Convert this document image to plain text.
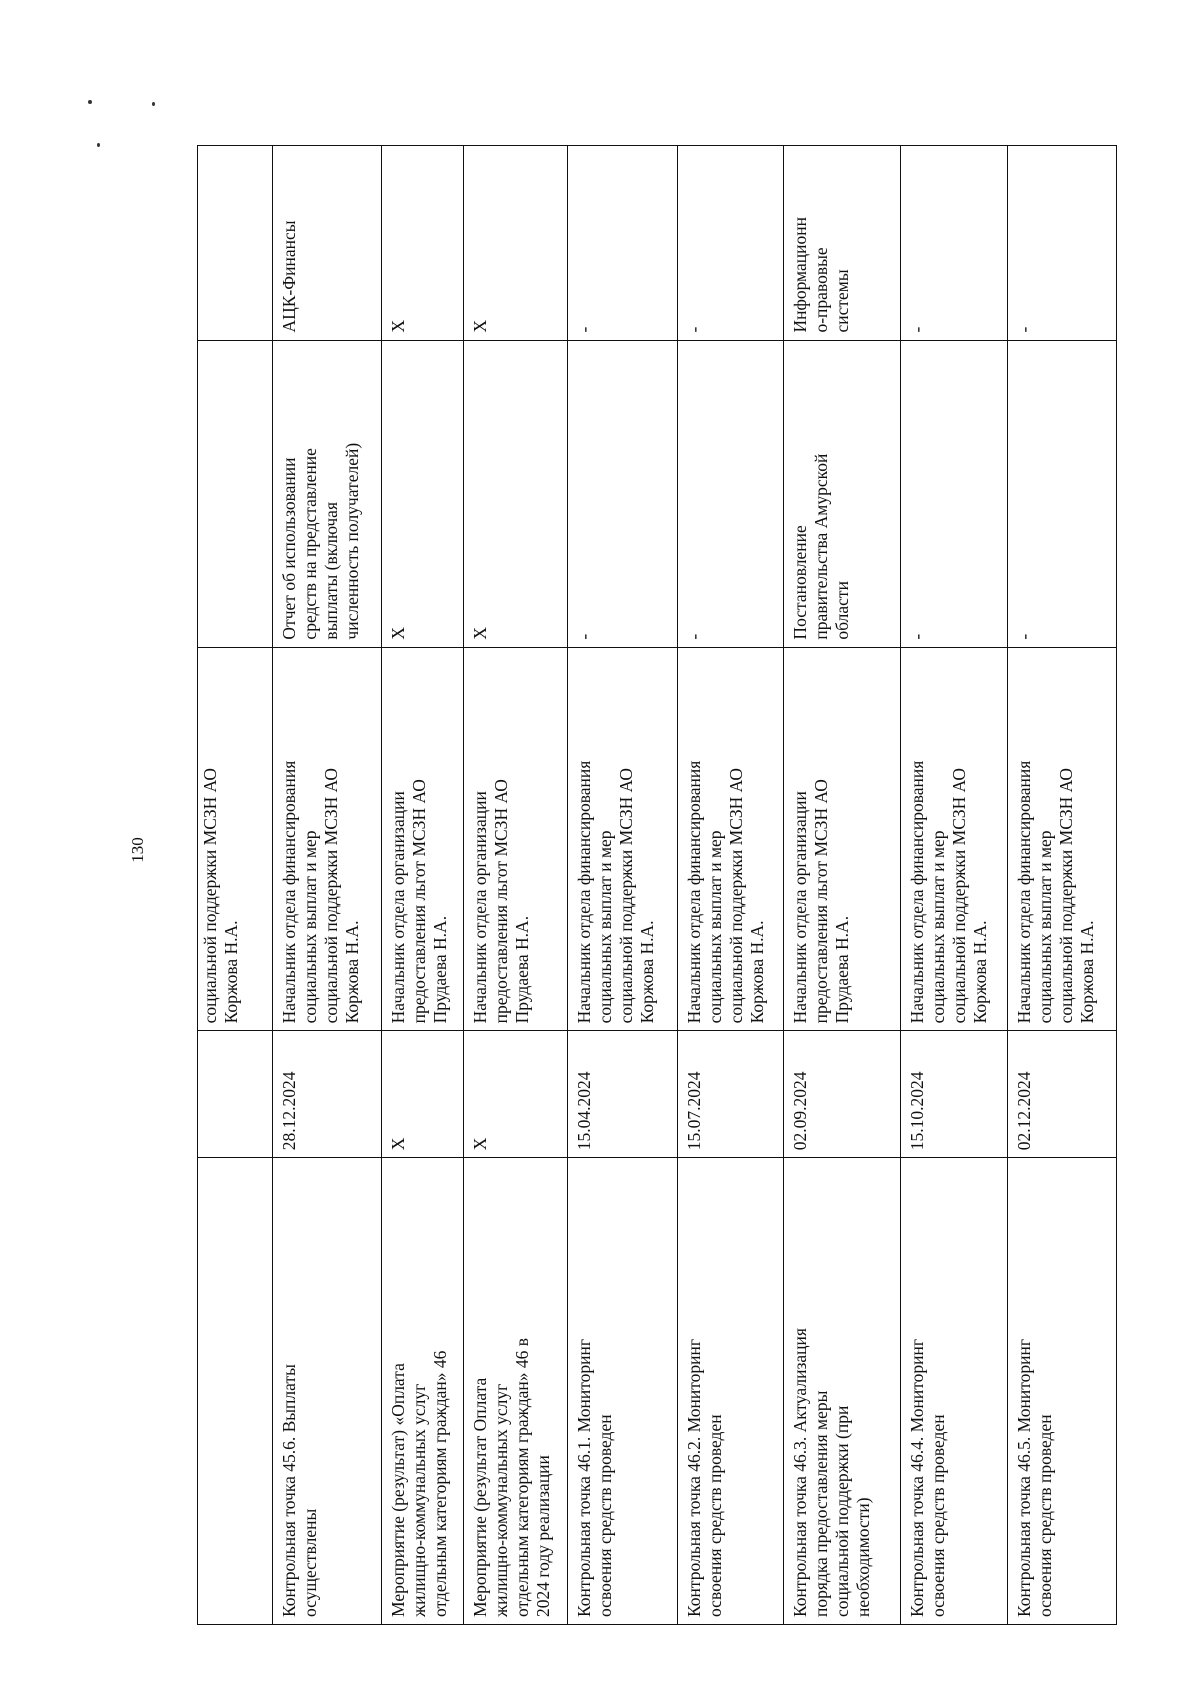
130

		социальной поддержки МСЗН АО
Коржова Н.А.		

Контрольная точка 45.6. Выплаты
осуществлены	28.12.2024	Начальник отдела финансирования
социальных выплат и мер
социальной поддержки МСЗН АО
Коржова Н.А.	Отчет об использовании
средств на представление
выплаты (включая
численность получателей)	АЦК-Финансы

Мероприятие (результат) «Оплата
жилищно-коммунальных услуг
отдельным категориям граждан» 46	X	Начальник отдела организации
предоставления льгот МСЗН АО
Прудаева Н.А.	X	X

Мероприятие (результат Оплата
жилищно-коммунальных услуг
отдельным категориям граждан» 46 в
2024 году реализации	X	Начальник отдела организации
предоставления льгот МСЗН АО
Прудаева Н.А.	X	X

Контрольная точка 46.1. Мониторинг
освоения средств проведен	15.04.2024	Начальник отдела финансирования
социальных выплат и мер
социальной поддержки МСЗН АО
Коржова Н.А.	-	-

Контрольная точка 46.2. Мониторинг
освоения средств проведен	15.07.2024	Начальник отдела финансирования
социальных выплат и мер
социальной поддержки МСЗН АО
Коржова Н.А.	-	-

Контрольная точка 46.3. Актуализация
порядка предоставления меры
социальной поддержки (при
необходимости)	02.09.2024	Начальник отдела организации
предоставления льгот МСЗН АО
Прудаева Н.А.	Постановление
правительства Амурской
области	Информационн
о-правовые
системы

Контрольная точка 46.4. Мониторинг
освоения средств проведен	15.10.2024	Начальник отдела финансирования
социальных выплат и мер
социальной поддержки МСЗН АО
Коржова Н.А.	-	-

Контрольная точка 46.5. Мониторинг
освоения средств проведен	02.12.2024	Начальник отдела финансирования
социальных выплат и мер
социальной поддержки МСЗН АО
Коржова Н.А.	-	-
